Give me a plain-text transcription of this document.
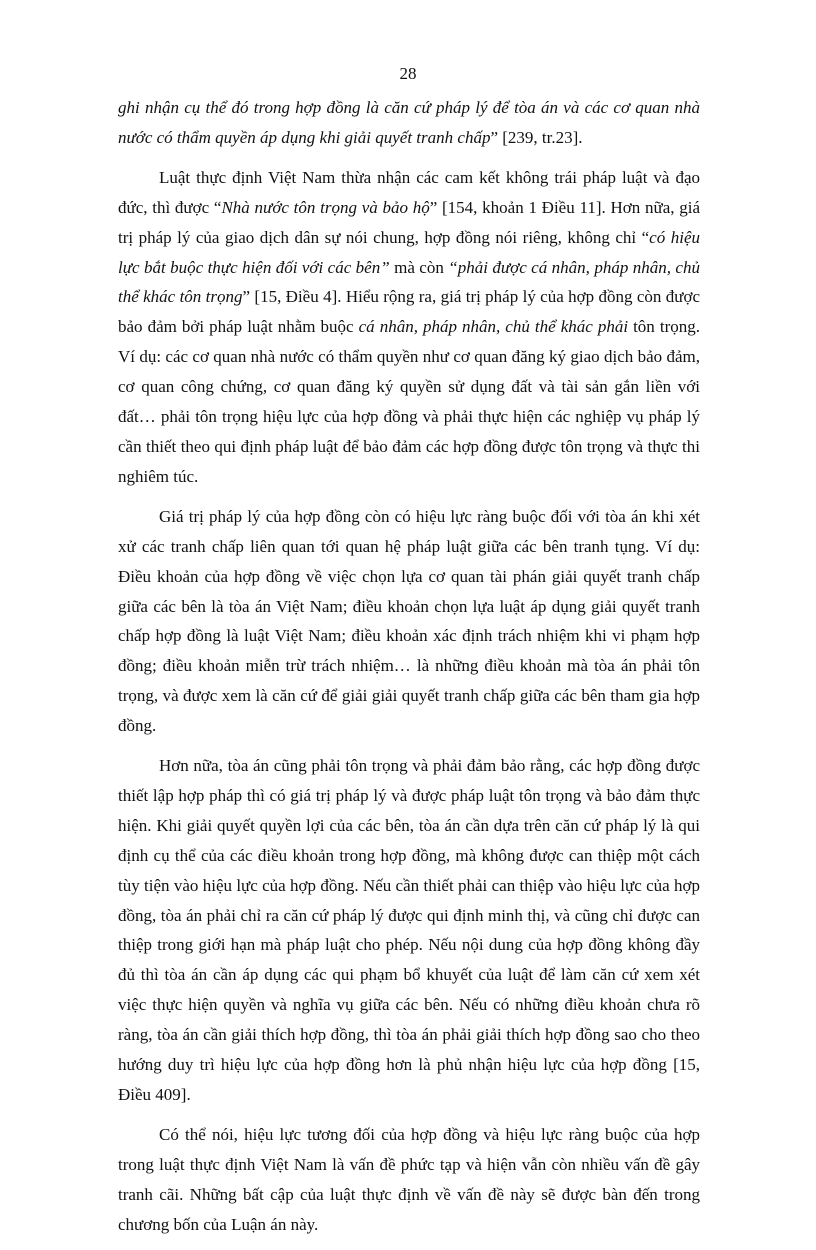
28

ghi nhận cụ thể đó trong hợp đồng là căn cứ pháp lý để tòa án và các cơ quan nhà nước có thẩm quyền áp dụng khi giải quyết tranh chấp” [239, tr.23].

Luật thực định Việt Nam thừa nhận các cam kết không trái pháp luật và đạo đức, thì được “Nhà nước tôn trọng và bảo hộ” [154, khoản 1 Điều 11]. Hơn nữa, giá trị pháp lý của giao dịch dân sự nói chung, hợp đồng nói riêng, không chỉ “có hiệu lực bắt buộc thực hiện đối với các bên” mà còn “phải được cá nhân, pháp nhân, chủ thể khác tôn trọng” [15, Điều 4]. Hiểu rộng ra, giá trị pháp lý của hợp đồng còn được bảo đảm bởi pháp luật nhằm buộc cá nhân, pháp nhân, chủ thể khác phải tôn trọng. Ví dụ: các cơ quan nhà nước có thẩm quyền như cơ quan đăng ký giao dịch bảo đảm, cơ quan công chứng, cơ quan đăng ký quyền sử dụng đất và tài sản gắn liền với đất… phải tôn trọng hiệu lực của hợp đồng và phải thực hiện các nghiệp vụ pháp lý cần thiết theo qui định pháp luật để bảo đảm các hợp đồng được tôn trọng và thực thi nghiêm túc.

Giá trị pháp lý của hợp đồng còn có hiệu lực ràng buộc đối với tòa án khi xét xử các tranh chấp liên quan tới quan hệ pháp luật giữa các bên tranh tụng. Ví dụ: Điều khoản của hợp đồng về việc chọn lựa cơ quan tài phán giải quyết tranh chấp giữa các bên là tòa án Việt Nam; điều khoản chọn lựa luật áp dụng giải quyết tranh chấp hợp đồng là luật Việt Nam; điều khoản xác định trách nhiệm khi vi phạm hợp đồng; điều khoản miễn trừ trách nhiệm… là những điều khoản mà tòa án phải tôn trọng, và được xem là căn cứ để giải giải quyết tranh chấp giữa các bên tham gia hợp đồng.

Hơn nữa, tòa án cũng phải tôn trọng và phải đảm bảo rằng, các hợp đồng được thiết lập hợp pháp thì có giá trị pháp lý và được pháp luật tôn trọng và bảo đảm thực hiện. Khi giải quyết quyền lợi của các bên, tòa án cần dựa trên căn cứ pháp lý là qui định cụ thể của các điều khoản trong hợp đồng, mà không được can thiệp một cách tùy tiện vào hiệu lực của hợp đồng. Nếu cần thiết phải can thiệp vào hiệu lực của hợp đồng, tòa án phải chỉ ra căn cứ pháp lý được qui định minh thị, và cũng chỉ được can thiệp trong giới hạn mà pháp luật cho phép. Nếu nội dung của hợp đồng không đầy đủ thì tòa án cần áp dụng các qui phạm bổ khuyết của luật để làm căn cứ xem xét việc thực hiện quyền và nghĩa vụ giữa các bên. Nếu có những điều khoản chưa rõ ràng, tòa án cần giải thích hợp đồng, thì tòa án phải giải thích hợp đồng sao cho theo hướng duy trì hiệu lực của hợp đồng hơn là phủ nhận hiệu lực của hợp đồng [15, Điều 409].

Có thể nói, hiệu lực tương đối của hợp đồng và hiệu lực ràng buộc của hợp trong luật thực định Việt Nam là vấn đề phức tạp và hiện vẫn còn nhiều vấn đề gây tranh cãi. Những bất cập của luật thực định về vấn đề này sẽ được bàn đến trong chương bốn của Luận án này.
